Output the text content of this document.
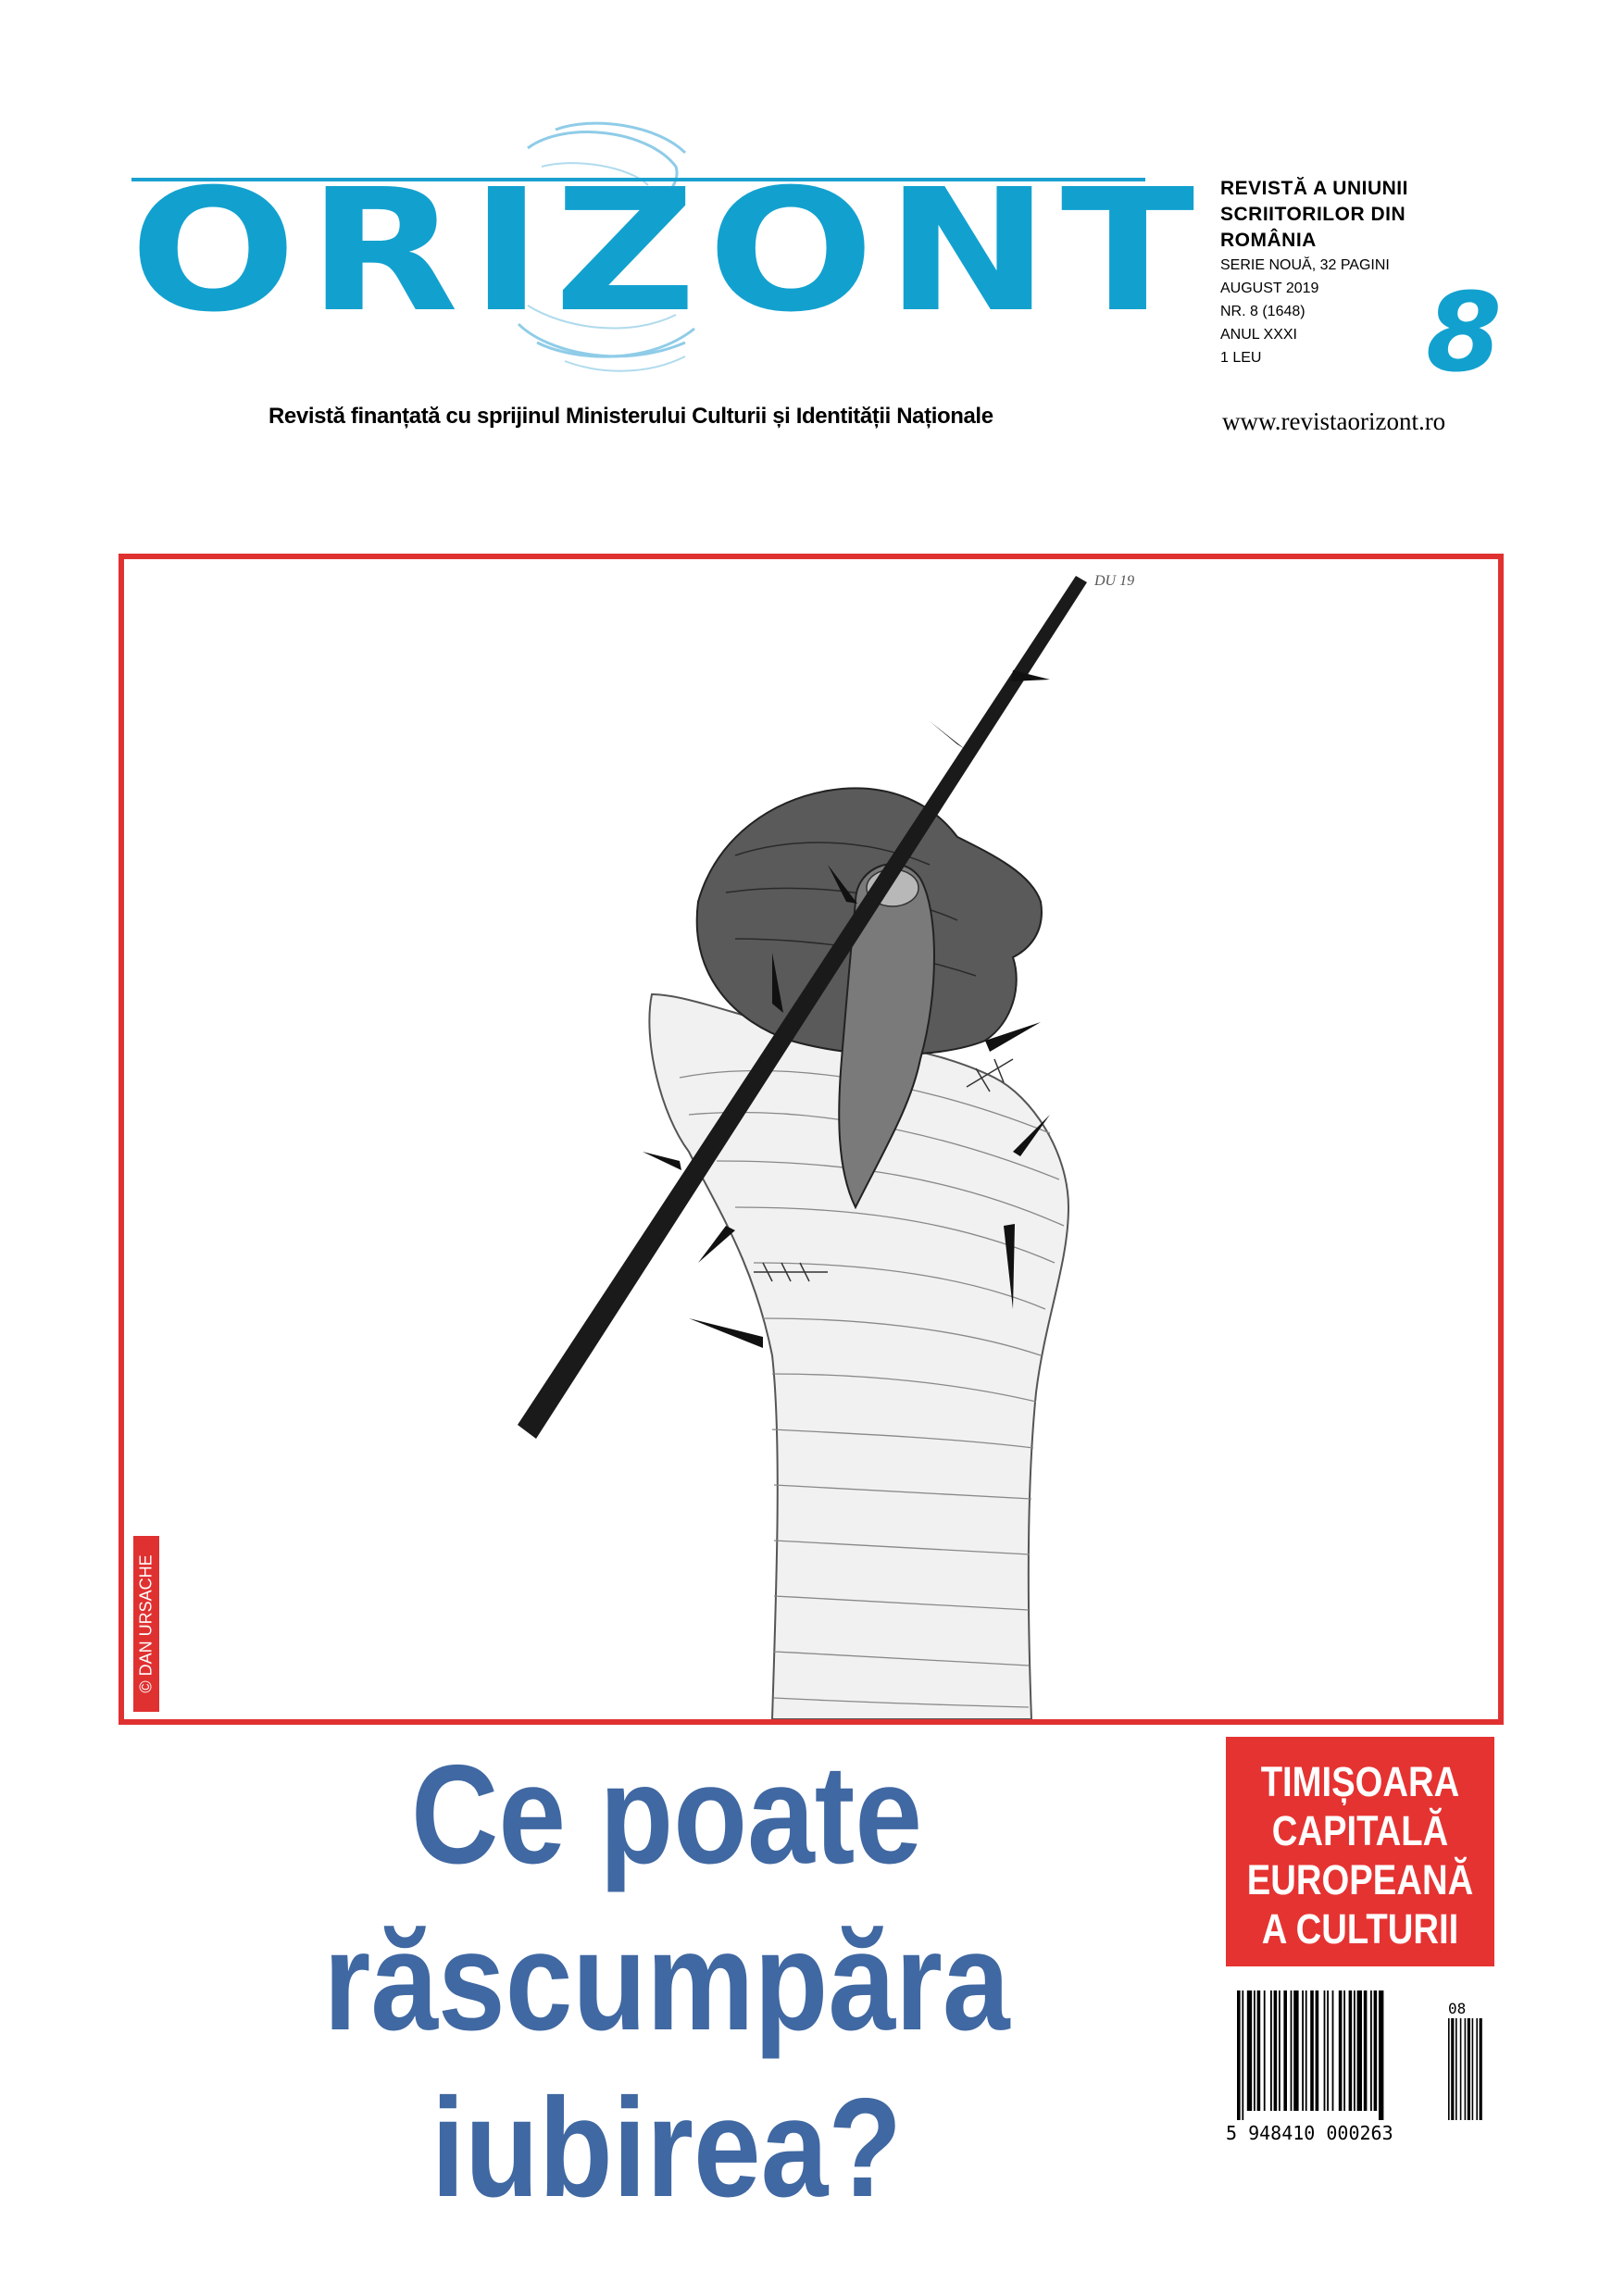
ORIZONT
Revistă finanțată cu sprijinul Ministerului Culturii și Identității Naționale
REVISTĂ A UNIUNII
SCRIITORILOR DIN
ROMÂNIA
SERIE NOUĂ, 32 PAGINI
AUGUST 2019
NR. 8 (1648)
ANUL XXXI
1 LEU	8
www.revistaorizont.ro
DU 19
© DAN URSACHE
Ce poate
răscumpăra
iubirea?
TIMIȘOARA
CAPITALĂ
EUROPEANĂ
A CULTURII
08
5 948410 000263
